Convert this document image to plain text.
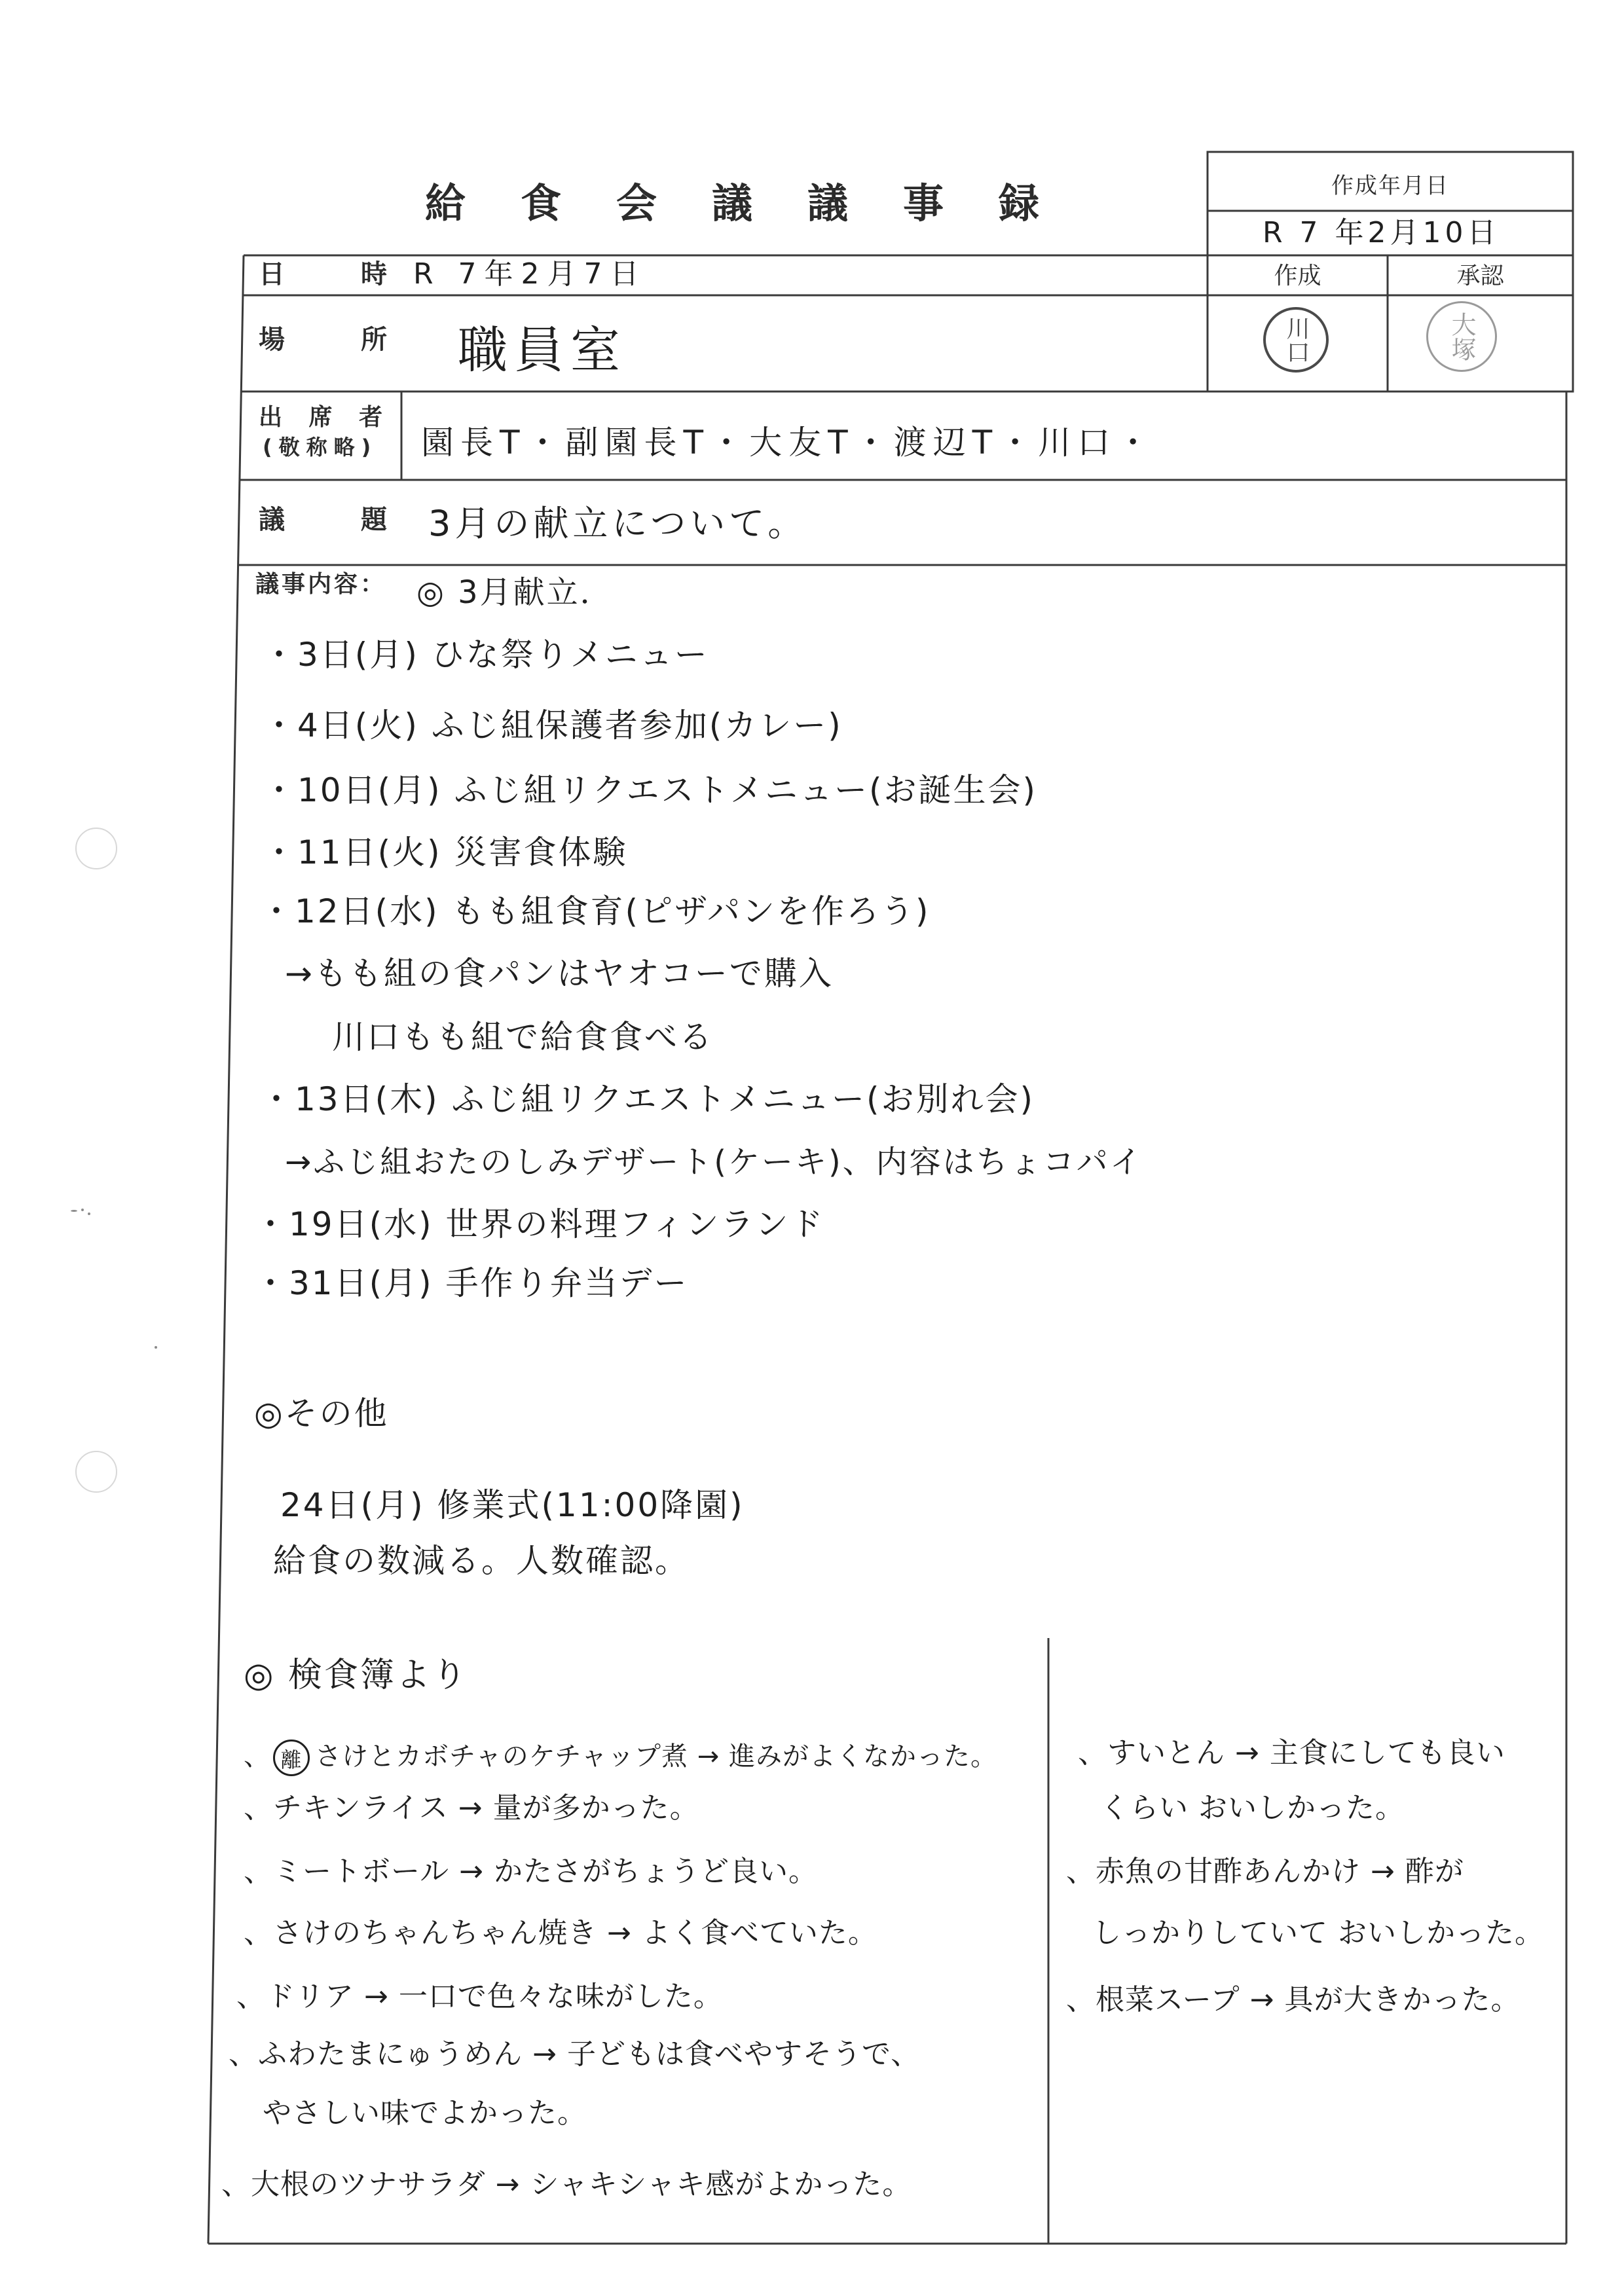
給食会議議事録	作成年月日
R 7 年2月10日
作成	承認
川口	大塚
日　　時 R 7年2月7日
場　　所 職員室
出 席 者
(敬称略) 園長T・副園長T・大友T・渡辺T・川口・
議　　題 3月の献立について。
議事内容： ◎ 3月献立．
・3日(月) ひな祭りメニュー
・4日(火) ふじ組保護者参加(カレー)
・10日(月) ふじ組リクエストメニュー(お誕生会)
・11日(火) 災害食体験
・12日(水) もも組食育(ピザパンを作ろう)
→もも組の食パンはヤオコーで購入
川口もも組で給食食べる
・13日(木) ふじ組リクエストメニュー(お別れ会)
→ふじ組おたのしみデザート(ケーキ)、内容はちょコパイ
・19日(水) 世界の料理フィンランド
・31日(月) 手作り弁当デー
◎その他
24日(月) 修業式(11:00降園)
給食の数減る。人数確認。
◎ 検食簿より
、 離 さけとカボチャのケチャップ煮 → 進みがよくなかった。
、チキンライス → 量が多かった。
、ミートボール → かたさがちょうど良い。
、さけのちゃんちゃん焼き → よく食べていた。
、ドリア → 一口で色々な味がした。
、ふわたまにゅうめん → 子どもは食べやすそうで、
やさしい味でよかった。
、大根のツナサラダ → シャキシャキ感がよかった。
、すいとん → 主食にしても良い
くらい おいしかった。
、赤魚の甘酢あんかけ → 酢が
しっかりしていて おいしかった。
、根菜スープ → 具が大きかった。
